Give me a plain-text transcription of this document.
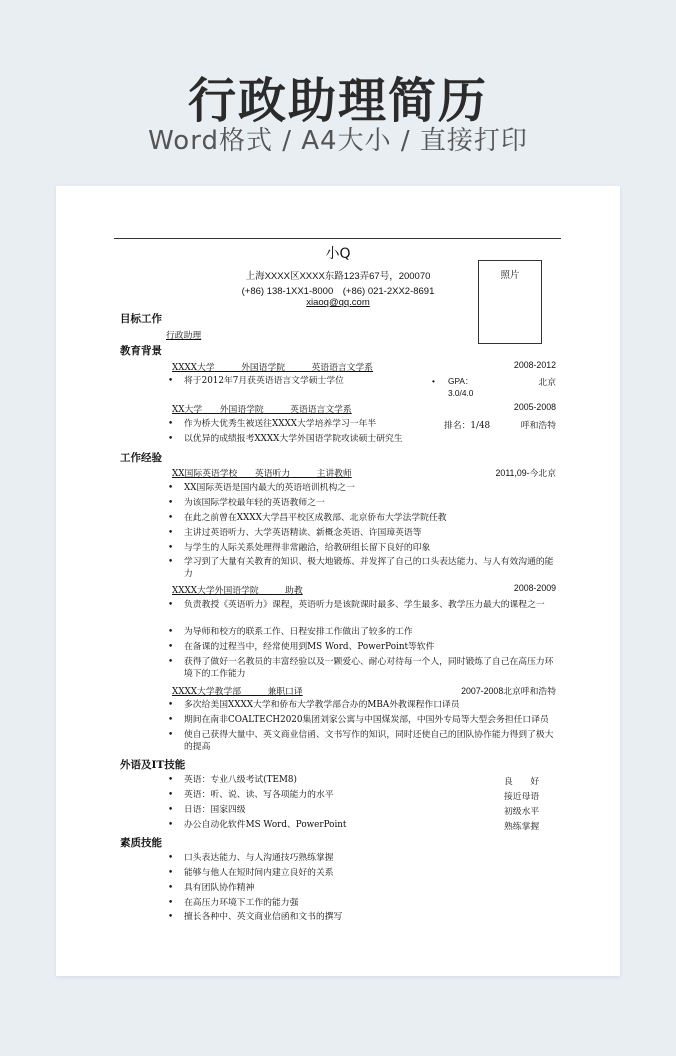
行政助理简历
Word格式 / A4大小 / 直接打印
小Q
上海XXXX区XXXX东路123弄67号，200070
(+86) 138-1XX1-8000　(+86) 021-2XX2-8691
xiaoq@qq.com
照片
目标工作
行政助理
教育背景
XXXX大学　　　	外国语学院　　　	英语语言文学系	2008-2012
• 将于2012年7月获英语语言文学硕士学位
•	GPA：3.0/4.0
北京
XX大学　　 外国语学院　　　	英语语言文学系	2005-2008
• 作为桥大优秀生被送往XXXX大学培养学习一年半	排名：1/48	呼和浩特
• 以优异的成绩报考XXXX大学外国语学院攻读硕士研究生
工作经验
XX国际英语学校　　 英语听力　　　	主讲教师	2011,09-今北京
• XX国际英语是国内最大的英语培训机构之一
• 为该国际学校最年轻的英语教师之一
• 在此之前曾在XXXX大学昌平校区成教部、北京侨布大学法学院任教
• 主讲过英语听力、大学英语精读、新概念英语、许国璋英语等
• 与学生的人际关系处理得非常融洽，给教研组长留下良好的印象
• 学习到了大量有关教育的知识、极大地锻炼、并发挥了自己的口头表达能力、与人有效沟通的能力
XXXX大学外国语学院　　　	助教	2008-2009
• 负责教授《英语听力》课程，英语听力是该院课时最多、学生最多、教学压力最大的课程之一
• 为导师和校方的联系工作、日程安排工作做出了较多的工作
• 在备课的过程当中，经常使用到MS Word、PowerPoint等软件
• 获得了做好一名教员的丰富经验以及一颗爱心、耐心对待每一个人，同时锻炼了自己在高压力环境下的工作能力
XXXX大学教学部　　　	兼职口译	2007-2008北京呼和浩特
• 多次给美国XXXX大学和侨布大学教学部合办的MBA外教课程作口译员
• 期间在南非COALTECH2020集团刘家公寓与中国煤炭部，中国外专局等大型会务担任口译员
• 使自己获得大量中、英文商业信函、文书写作的知识，同时还使自己的团队协作能力得到了极大的提高
外语及IT技能
• 英语：专业八级考试(TEM8)	良　　好
• 英语：听、说、读、写各项能力的水平	接近母语
• 日语：国家四级	初级水平
• 办公自动化软件MS Word、PowerPoint	熟练掌握
素质技能
• 口头表达能力、与人沟通技巧熟练掌握
• 能够与他人在短时间内建立良好的关系
• 具有团队协作精神
• 在高压力环境下工作的能力强
• 擅长各种中、英文商业信函和文书的撰写
